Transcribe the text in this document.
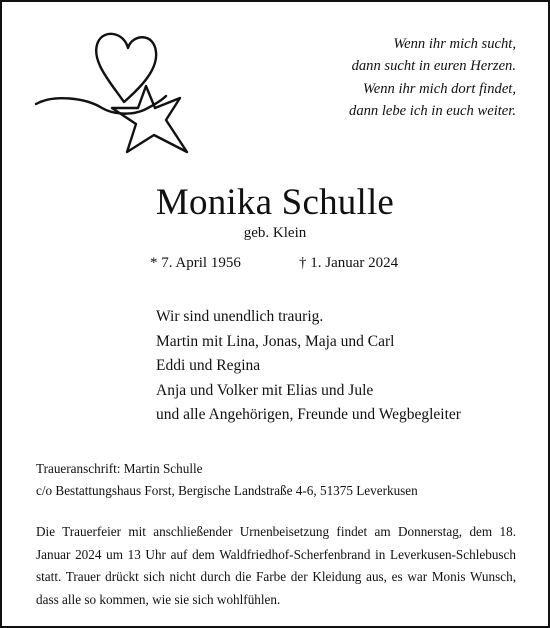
Wenn ihr mich sucht,
dann sucht in euren Herzen.
Wenn ihr mich dort findet,
dann lebe ich in euch weiter.
Monika Schulle
geb. Klein
* 7. April 1956	† 1. Januar 2024
Wir sind unendlich traurig.
Martin mit Lina, Jonas, Maja und Carl
Eddi und Regina
Anja und Volker mit Elias und Jule
und alle Angehörigen, Freunde und Wegbegleiter
Traueranschrift: Martin Schulle
c/o Bestattungshaus Forst, Bergische Landstraße 4-6, 51375 Leverkusen
Die Trauerfeier mit anschließender Urnenbeisetzung findet am Donnerstag, dem 18. Januar 2024 um 13 Uhr auf dem Waldfriedhof-Scherfenbrand in Leverkusen-Schlebusch statt. Trauer drückt sich nicht durch die Farbe der Kleidung aus, es war Monis Wunsch, dass alle so kommen, wie sie sich wohlfühlen.
